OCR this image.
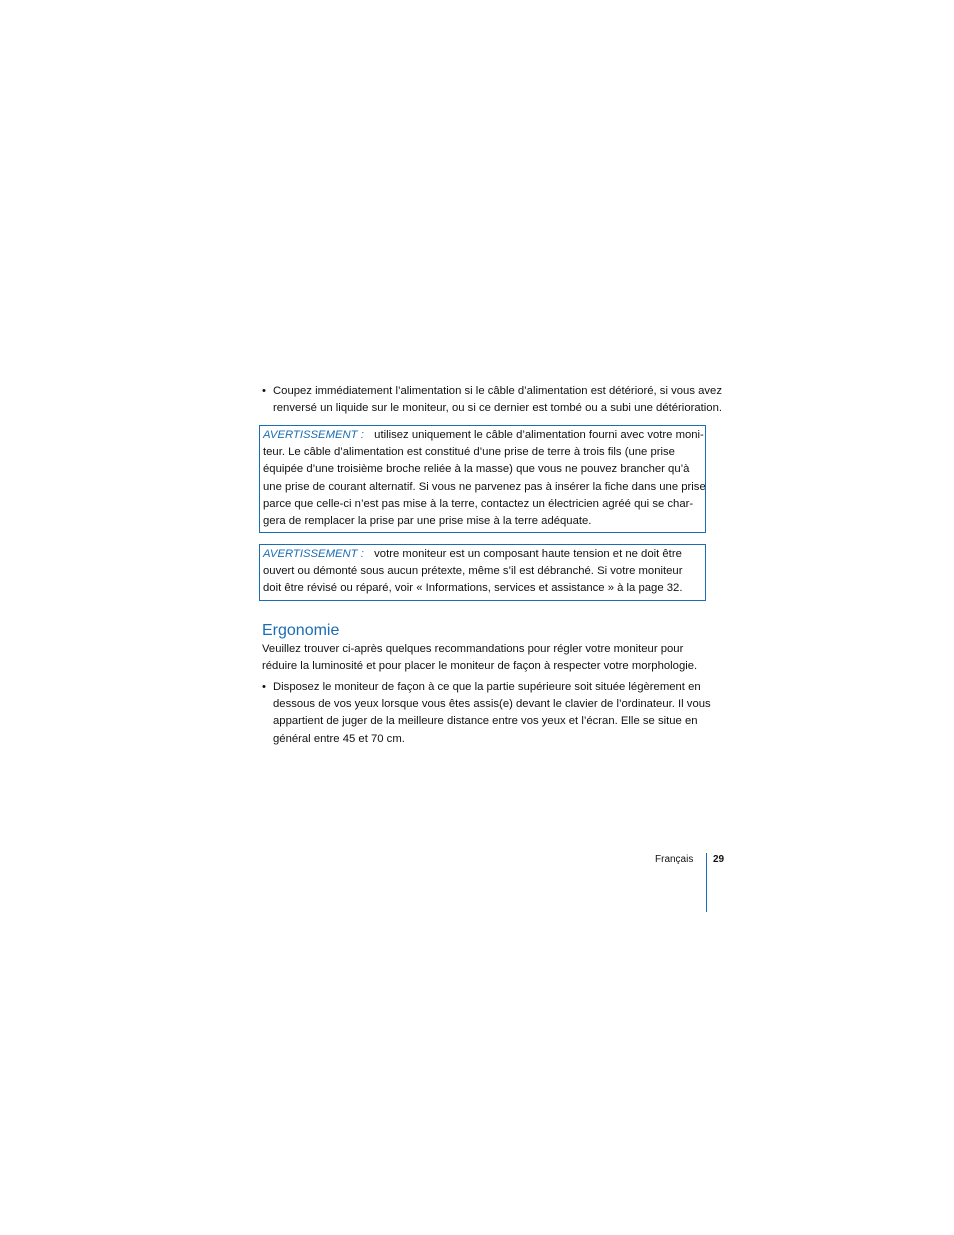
• Coupez immédiatement l’alimentation si le câble d’alimentation est détérioré, si vous avez
renversé un liquide sur le moniteur, ou si ce dernier est tombé ou a subi une détérioration.
AVERTISSEMENT : utilisez uniquement le câble d’alimentation fourni avec votre moni-
teur. Le câble d’alimentation est constitué d’une prise de terre à trois fils (une prise
équipée d’une troisième broche reliée à la masse) que vous ne pouvez brancher qu’à
une prise de courant alternatif. Si vous ne parvenez pas à insérer la fiche dans une prise
parce que celle-ci n’est pas mise à la terre, contactez un électricien agréé qui se char-
gera de remplacer la prise par une prise mise à la terre adéquate.
AVERTISSEMENT : votre moniteur est un composant haute tension et ne doit être
ouvert ou démonté sous aucun prétexte, même s’il est débranché. Si votre moniteur
doit être révisé ou réparé, voir « Informations, services et assistance » à la page 32.
Ergonomie
Veuillez trouver ci-après quelques recommandations pour régler votre moniteur pour
réduire la luminosité et pour placer le moniteur de façon à respecter votre morphologie.
• Disposez le moniteur de façon à ce que la partie supérieure soit située légèrement en
dessous de vos yeux lorsque vous êtes assis(e) devant le clavier de l’ordinateur. Il vous
appartient de juger de la meilleure distance entre vos yeux et l’écran. Elle se situe en
général entre 45 et 70 cm.
Français 29
